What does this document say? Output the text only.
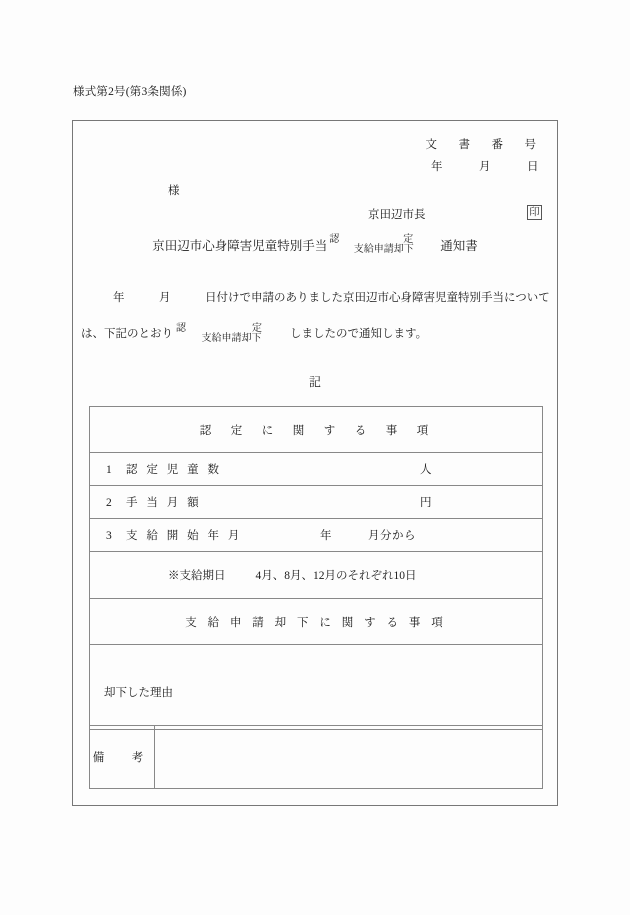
様式第2号(第3条関係)
文　書　番　号
年　　　月　　　日
様
京田辺市長	印
京田辺市心身障害児童特別手当 認　定
支給申請却下	通知書
年　　　月　　　日付けで申請のありました京田辺市心身障害児童特別手当について
は、下記のとおり 認　定
支給申請却下	しましたので通知します。
記
認　定　に　関　す　る　事　項

1 認 定 児 童 数	人

2 手 当 月 額	円

3 支 給 開 始 年 月	年　　　月分から

※支給期日	4月、8月、12月のそれぞれ10日

支 給 申 請 却 下 に 関 す る 事 項

却下した理由
備　考	
